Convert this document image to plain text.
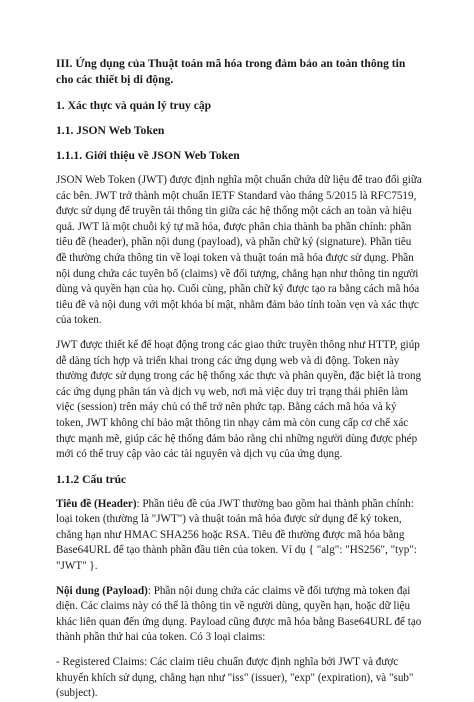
III. Ứng dụng của Thuật toán mã hóa trong đảm bảo an toàn thông tin cho các thiết bị di động.
1. Xác thực và quản lý truy cập
1.1. JSON Web Token
1.1.1. Giới thiệu về JSON Web Token
JSON Web Token (JWT) được định nghĩa một chuẩn chứa dữ liệu để trao đổi giữa các bên. JWT trở thành một chuẩn IETF Standard vào tháng 5/2015 là RFC7519, được sử dụng để truyền tải thông tin giữa các hệ thống một cách an toàn và hiệu quả. JWT là một chuỗi ký tự mã hóa, được phân chia thành ba phần chính: phần tiêu đề (header), phần nội dung (payload), và phần chữ ký (signature). Phần tiêu đề thường chứa thông tin về loại token và thuật toán mã hóa được sử dụng. Phần nội dung chứa các tuyên bố (claims) về đối tượng, chẳng hạn như thông tin người dùng và quyền hạn của họ. Cuối cùng, phần chữ ký được tạo ra bằng cách mã hóa tiêu đề và nội dung với một khóa bí mật, nhằm đảm bảo tính toàn vẹn và xác thực của token.
JWT được thiết kế để hoạt động trong các giao thức truyền thông như HTTP, giúp dễ dàng tích hợp và triển khai trong các ứng dụng web và di động. Token này thường được sử dụng trong các hệ thống xác thực và phân quyền, đặc biệt là trong các ứng dụng phân tán và dịch vụ web, nơi mà việc duy trì trạng thái phiên làm việc (session) trên máy chủ có thể trở nên phức tạp. Bằng cách mã hóa và ký token, JWT không chỉ bảo mật thông tin nhạy cảm mà còn cung cấp cơ chế xác thực mạnh mẽ, giúp các hệ thống đảm bảo rằng chỉ những người dùng được phép mới có thể truy cập vào các tài nguyên và dịch vụ của ứng dụng.
1.1.2 Cấu trúc
Tiêu đề (Header): Phần tiêu đề của JWT thường bao gồm hai thành phần chính: loại token (thường là "JWT") và thuật toán mã hóa được sử dụng để ký token, chẳng hạn như HMAC SHA256 hoặc RSA. Tiêu đề thường được mã hóa bằng Base64URL để tạo thành phần đầu tiên của token. Ví dụ { "alg": "HS256", "typ": "JWT" }.
Nội dung (Payload): Phần nội dung chứa các claims về đối tượng mà token đại diện. Các claims này có thể là thông tin về người dùng, quyền hạn, hoặc dữ liệu khác liên quan đến ứng dụng. Payload cũng được mã hóa bằng Base64URL để tạo thành phần thứ hai của token. Có 3 loại claims:
- Registered Claims: Các claim tiêu chuẩn được định nghĩa bởi JWT và được khuyến khích sử dụng, chẳng hạn như "iss" (issuer), "exp" (expiration), và "sub" (subject).
